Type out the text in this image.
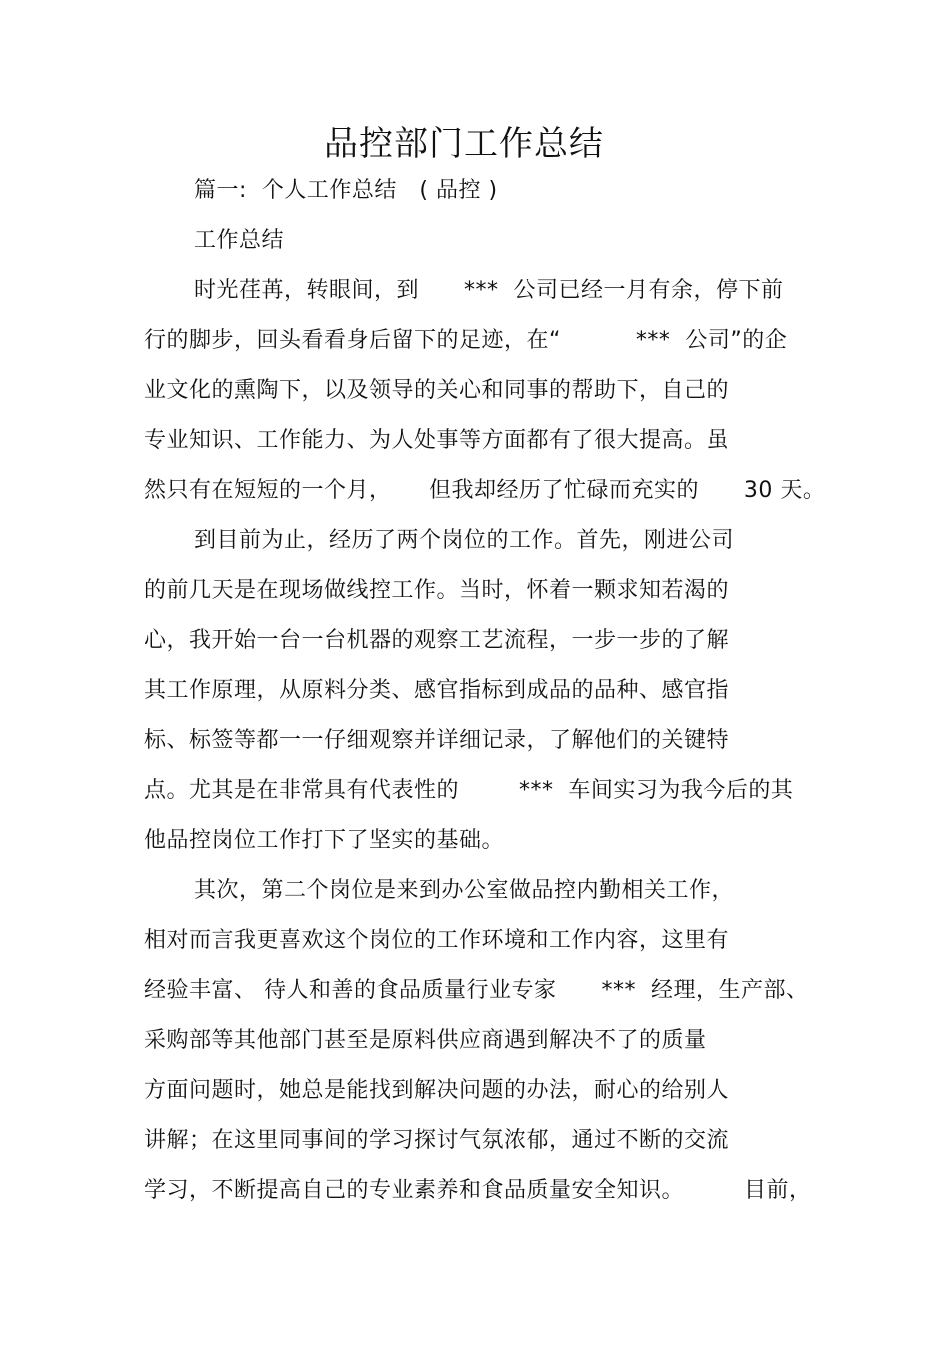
品控部门工作总结
篇一:  个人工作总结   ( 品控 )
工作总结
时光荏苒，转眼间，到      ***  公司已经一月有余，停下前
行的脚步，回头看看身后留下的足迹，在“          ***  公司”的企
业文化的熏陶下，以及领导的关心和同事的帮助下，自己的
专业知识、工作能力、为人处事等方面都有了很大提高。虽
然只有在短短的一个月，     但我却经历了忙碌而充实的      30 天。
到目前为止，经历了两个岗位的工作。首先，刚进公司
的前几天是在现场做线控工作。当时，怀着一颗求知若渴的
心，我开始一台一台机器的观察工艺流程，一步一步的了解
其工作原理，从原料分类、感官指标到成品的品种、感官指
标、标签等都一一仔细观察并详细记录，了解他们的关键特
点。尤其是在非常具有代表性的        ***  车间实习为我今后的其
他品控岗位工作打下了坚实的基础。
其次，第二个岗位是来到办公室做品控内勤相关工作，
相对而言我更喜欢这个岗位的工作环境和工作内容，这里有
经验丰富、 待人和善的食品质量行业专家      ***  经理，生产部、
采购部等其他部门甚至是原料供应商遇到解决不了的质量
方面问题时，她总是能找到解决问题的办法，耐心的给别人
讲解；在这里同事间的学习探讨气氛浓郁，通过不断的交流
学习，不断提高自己的专业素养和食品质量安全知识。        目前，
